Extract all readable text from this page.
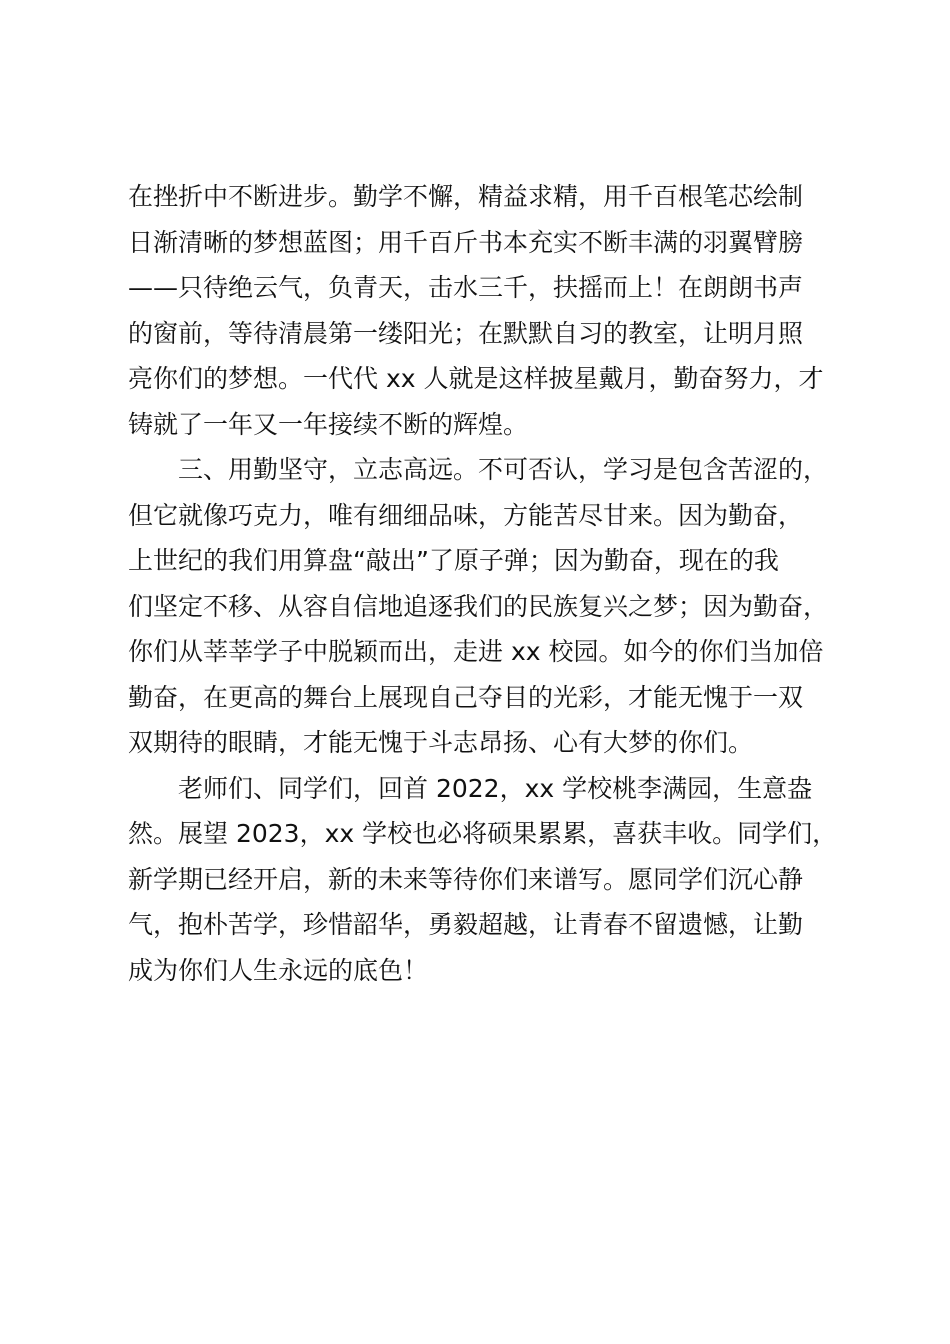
在挫折中不断进步。勤学不懈，精益求精，用千百根笔芯绘制
日渐清晰的梦想蓝图；用千百斤书本充实不断丰满的羽翼臂膀
——只待绝云气，负青天，击水三千，扶摇而上！在朗朗书声
的窗前，等待清晨第一缕阳光；在默默自习的教室，让明月照
亮你们的梦想。一代代 xx 人就是这样披星戴月，勤奋努力，才
铸就了一年又一年接续不断的辉煌。
　　三、用勤坚守，立志高远。不可否认，学习是包含苦涩的，
但它就像巧克力，唯有细细品味，方能苦尽甘来。因为勤奋，
上世纪的我们用算盘“敲出”了原子弹；因为勤奋，现在的我
们坚定不移、从容自信地追逐我们的民族复兴之梦；因为勤奋，
你们从莘莘学子中脱颖而出，走进 xx 校园。如今的你们当加倍
勤奋，在更高的舞台上展现自己夺目的光彩，才能无愧于一双
双期待的眼睛，才能无愧于斗志昂扬、心有大梦的你们。
　　老师们、同学们，回首 2022，xx 学校桃李满园，生意盎
然。展望 2023，xx 学校也必将硕果累累，喜获丰收。同学们，
新学期已经开启，新的未来等待你们来谱写。愿同学们沉心静
气，抱朴苦学，珍惜韶华，勇毅超越，让青春不留遗憾，让勤
成为你们人生永远的底色！
